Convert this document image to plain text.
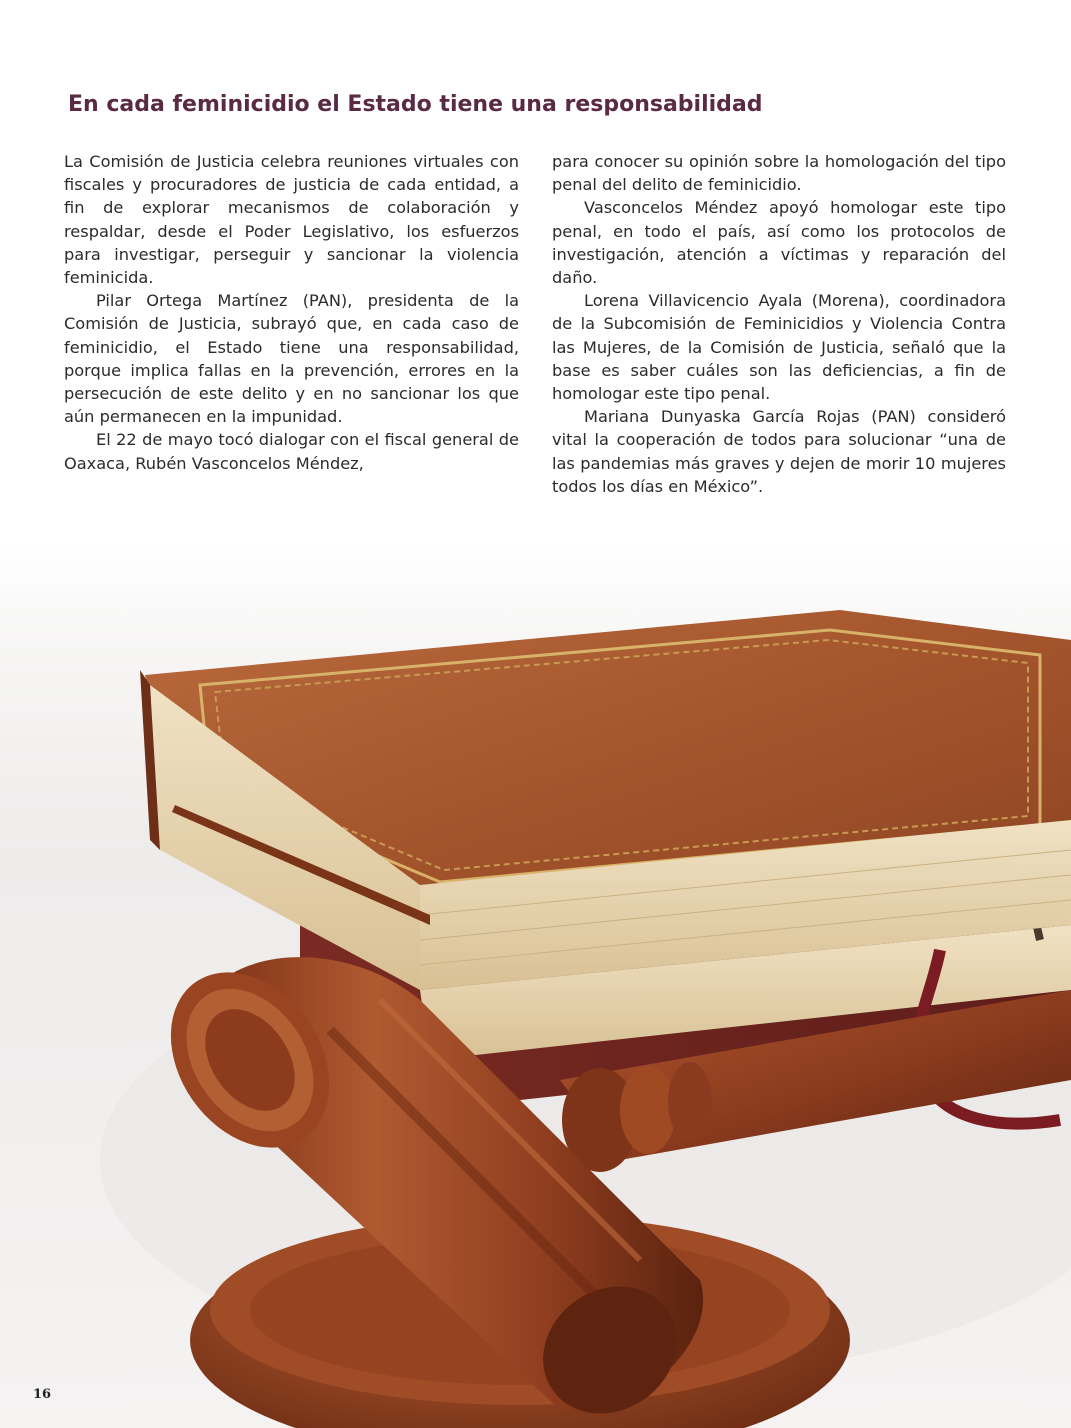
En cada feminicidio el Estado tiene una responsabilidad

La Comisión de Justicia celebra reuniones virtuales con fiscales y procuradores de justicia de cada entidad, a fin de explorar mecanismos de colaboración y respaldar, desde el Poder Legislativo, los esfuerzos para investigar, perseguir y sancionar la violencia feminicida.

Pilar Ortega Martínez (PAN), presidenta de la Comisión de Justicia, subrayó que, en cada caso de feminicidio, el Estado tiene una responsabilidad, porque implica fallas en la prevención, errores en la persecución de este delito y en no sancionar los que aún permanecen en la impunidad.

El 22 de mayo tocó dialogar con el fiscal general de Oaxaca, Rubén Vasconcelos Méndez,

para conocer su opinión sobre la homologación del tipo penal del delito de feminicidio.

Vasconcelos Méndez apoyó homologar este tipo penal, en todo el país, así como los protocolos de investigación, atención a víctimas y reparación del daño.

Lorena Villavicencio Ayala (Morena), coordinadora de la Subcomisión de Feminicidios y Violencia Contra las Mujeres, de la Comisión de Justicia, señaló que la base es saber cuáles son las deficiencias, a fin de homologar este tipo penal.

Mariana Dunyaska García Rojas (PAN) consideró vital la cooperación de todos para solucionar “una de las pandemias más graves y dejen de morir 10 mujeres todos los días en México”.

16
